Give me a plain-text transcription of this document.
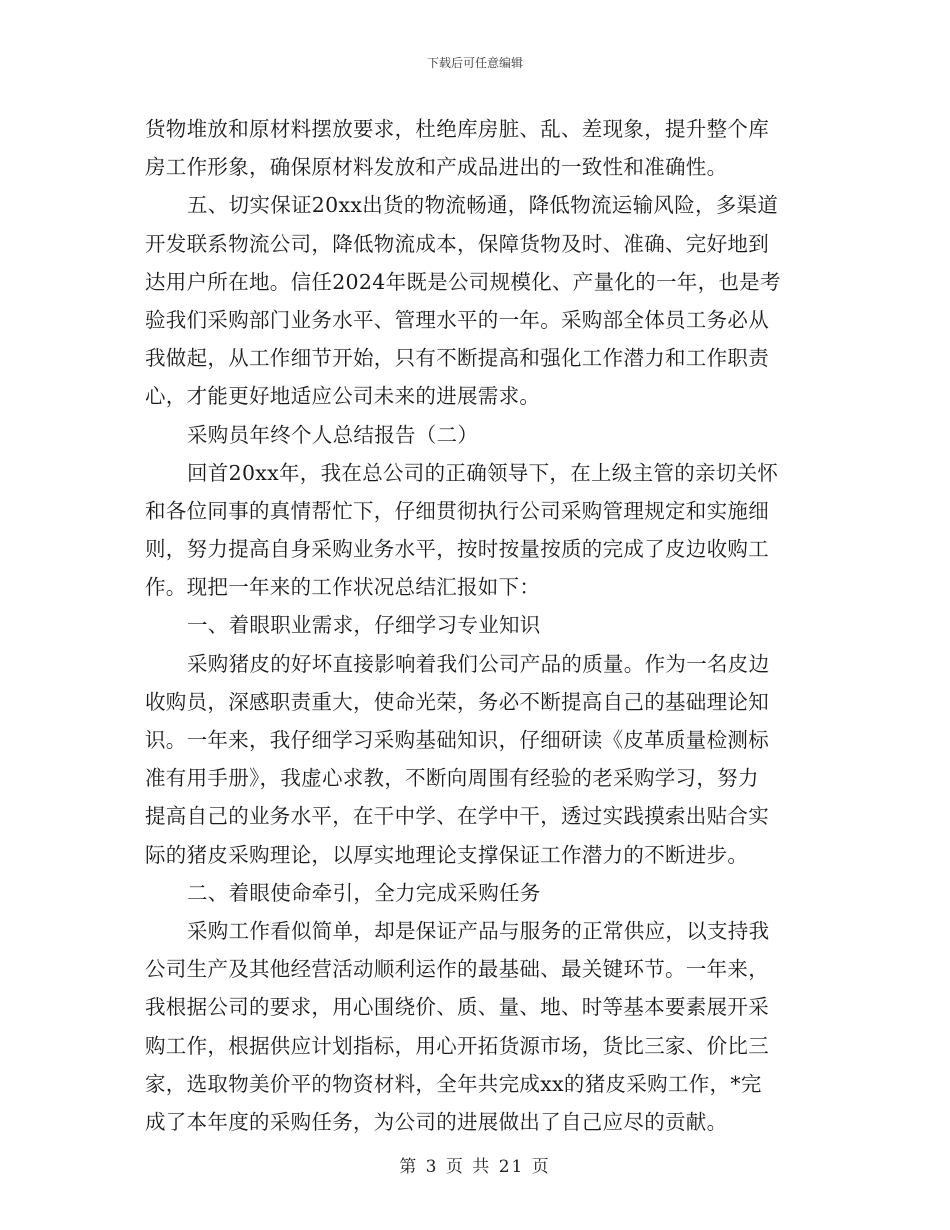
下载后可任意编辑
货物堆放和原材料摆放要求，杜绝库房脏、乱、差现象，提升整个库
房工作形象，确保原材料发放和产成品进出的一致性和准确性。
五、切实保证20xx出货的物流畅通，降低物流运输风险，多渠道
开发联系物流公司，降低物流成本，保障货物及时、准确、完好地到
达用户所在地。信任2024年既是公司规模化、产量化的一年，也是考
验我们采购部门业务水平、管理水平的一年。采购部全体员工务必从
我做起，从工作细节开始，只有不断提高和强化工作潜力和工作职责
心，才能更好地适应公司未来的进展需求。
采购员年终个人总结报告（二）
回首20xx年，我在总公司的正确领导下，在上级主管的亲切关怀
和各位同事的真情帮忙下，仔细贯彻执行公司采购管理规定和实施细
则，努力提高自身采购业务水平，按时按量按质的完成了皮边收购工
作。现把一年来的工作状况总结汇报如下：
一、着眼职业需求，仔细学习专业知识
采购猪皮的好坏直接影响着我们公司产品的质量。作为一名皮边
收购员，深感职责重大，使命光荣，务必不断提高自己的基础理论知
识。一年来，我仔细学习采购基础知识，仔细研读《皮革质量检测标
准有用手册》，我虚心求教，不断向周围有经验的老采购学习，努力
提高自己的业务水平，在干中学、在学中干，透过实践摸索出贴合实
际的猪皮采购理论，以厚实地理论支撑保证工作潜力的不断进步。
二、着眼使命牵引，全力完成采购任务
采购工作看似简单，却是保证产品与服务的正常供应，以支持我
公司生产及其他经营活动顺利运作的最基础、最关键环节。一年来，
我根据公司的要求，用心围绕价、质、量、地、时等基本要素展开采
购工作，根据供应计划指标，用心开拓货源市场，货比三家、价比三
家，选取物美价平的物资材料，全年共完成xx的猪皮采购工作，*完
成了本年度的采购任务，为公司的进展做出了自己应尽的贡献。
第 3 页 共 21 页
